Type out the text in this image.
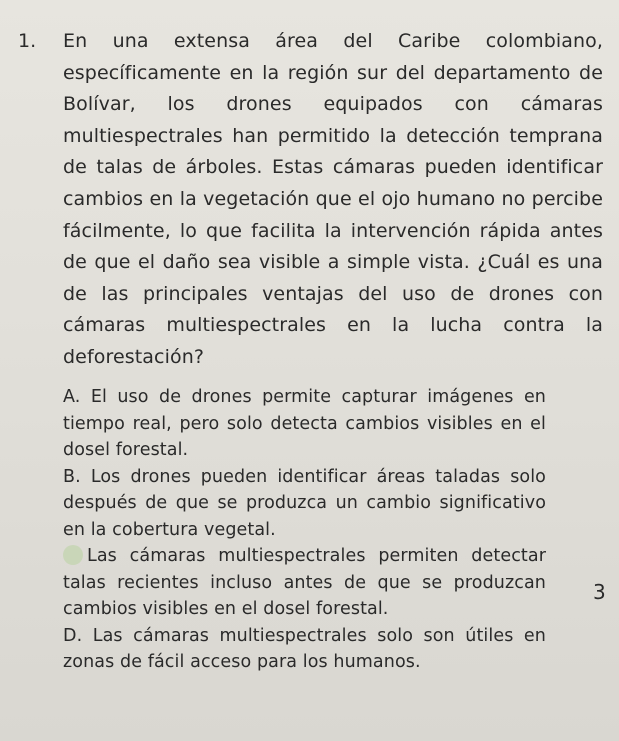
1. En una extensa área del Caribe colombiano, específicamente en la región sur del departamento de Bolívar, los drones equipados con cámaras multiespectrales han permitido la detección temprana de talas de árboles. Estas cámaras pueden identificar cambios en la vegetación que el ojo humano no percibe fácilmente, lo que facilita la intervención rápida antes de que el daño sea visible a simple vista. ¿Cuál es una de las principales ventajas del uso de drones con cámaras multiespectrales en la lucha contra la deforestación?
A. El uso de drones permite capturar imágenes en tiempo real, pero solo detecta cambios visibles en el dosel forestal.
B. Los drones pueden identificar áreas taladas solo después de que se produzca un cambio significativo en la cobertura vegetal.
Las cámaras multiespectrales permiten detectar talas recientes incluso antes de que se produzcan cambios visibles en el dosel forestal.
D. Las cámaras multiespectrales solo son útiles en zonas de fácil acceso para los humanos.
3
